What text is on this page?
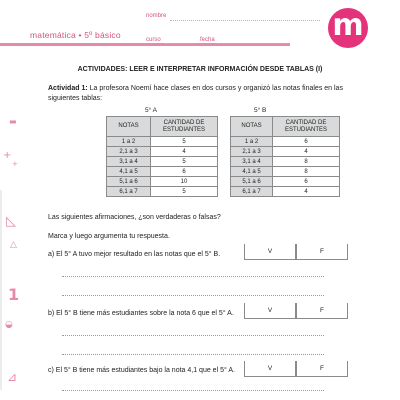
matemática • 5º básico
nombre
curso	fecha	m
▬
+
+
◺
△
1
◒
⊿
ACTIVIDADES: LEER E INTERPRETAR INFORMACIÓN DESDE TABLAS (I)
Actividad 1: La profesora Noemí hace clases en dos cursos y organizó las notas finales en las siguientes tablas:
5° A
NOTAS	CANTIDAD DE ESTUDIANTES
1 a 2	5
2,1 a 3	4
3,1 a 4	5
4,1 a 5	6
5,1 a 6	10
6,1 a 7	5
5° B
NOTAS	CANTIDAD DE ESTUDIANTES
1 a 2	6
2,1 a 3	4
3,1 a 4	8
4,1 a 5	8
5,1 a 6	6
6,1 a 7	4
Las siguientes afirmaciones, ¿son verdaderas o falsas?
Marca y luego argumenta tu respuesta.
a) El 5° A tuvo mejor resultado en las notas que el 5° B.	V	F
b) El 5° B tiene más estudiantes sobre la nota 6 que el 5° A.	V	F
c) El 5° B tiene más estudiantes bajo la nota 4,1 que el 5° A.	V	F
